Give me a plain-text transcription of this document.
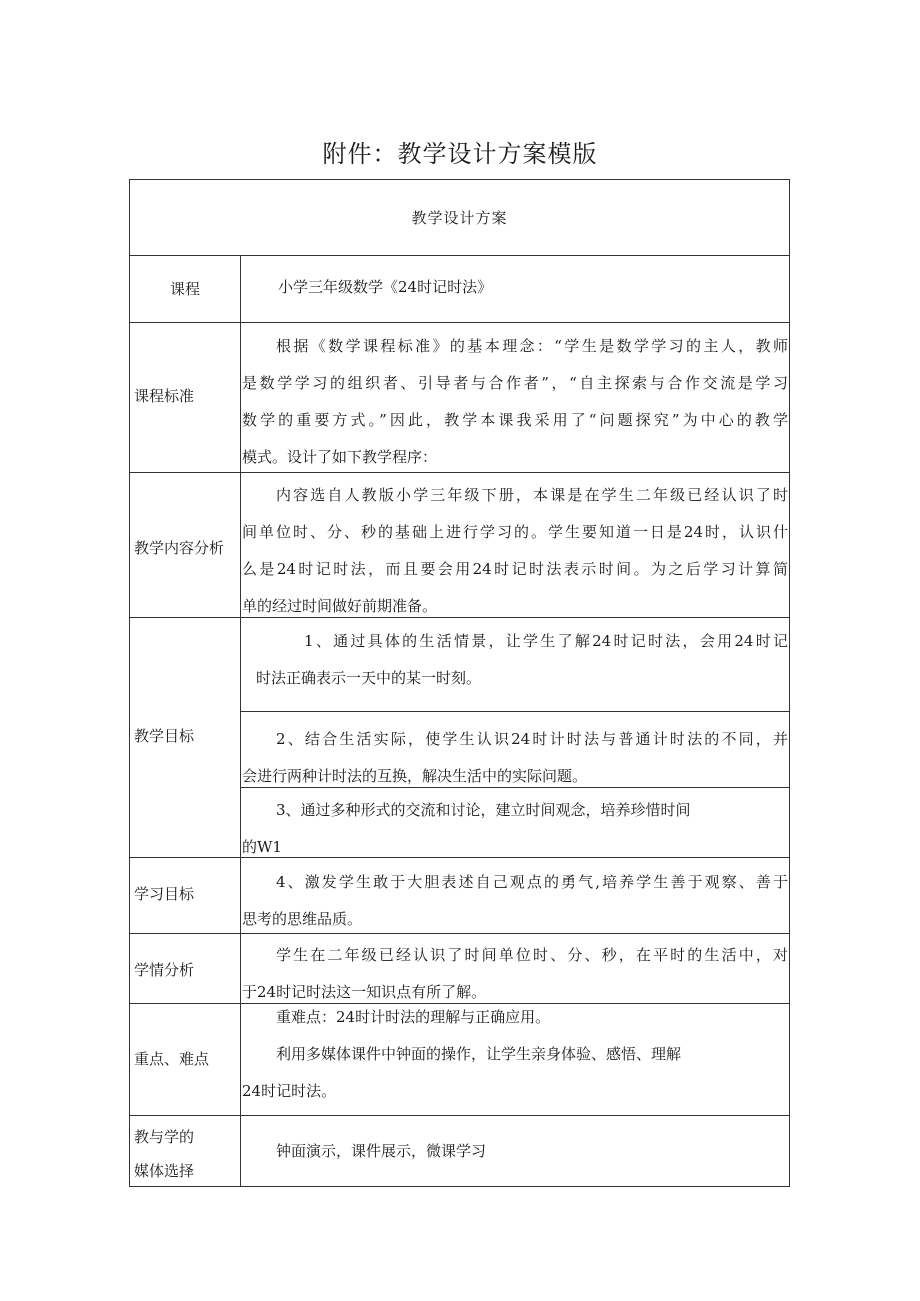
附件：教学设计方案模版
教学设计方案
课程	小学三年级数学《24时记时法》
课程标准
根据《数学课程标准》的基本理念：“学生是数学学习的主人，教师
是数学学习的组织者、引导者与合作者”，“自主探索与合作交流是学习
数学的重要方式。”因此，教学本课我采用了“问题探究”为中心的教学
模式。设计了如下教学程序：
教学内容分析
内容选自人教版小学三年级下册，本课是在学生二年级已经认识了时
间单位时、分、秒的基础上进行学习的。学生要知道一日是24时，认识什
么是24时记时法，而且要会用24时记时法表示时间。为之后学习计算简
单的经过时间做好前期准备。
教学目标
1、通过具体的生活情景，让学生了解24时记时法，会用24时记
时法正确表示一天中的某一时刻。
2、结合生活实际，使学生认识24时计时法与普通计时法的不同，并
会进行两种计时法的互换，解决生活中的实际问题。
3、通过多种形式的交流和讨论，建立时间观念，培养珍惜时间
的W1
学习目标
4、激发学生敢于大胆表述自己观点的勇气,培养学生善于观察、善于
思考的思维品质。
学情分析
学生在二年级已经认识了时间单位时、分、秒，在平时的生活中，对
于24时记时法这一知识点有所了解。
重点、难点
重难点：24时计时法的理解与正确应用。
利用多媒体课件中钟面的操作，让学生亲身体验、感悟、理解
24时记时法。
教与学的
媒体选择
钟面演示，课件展示，微课学习
